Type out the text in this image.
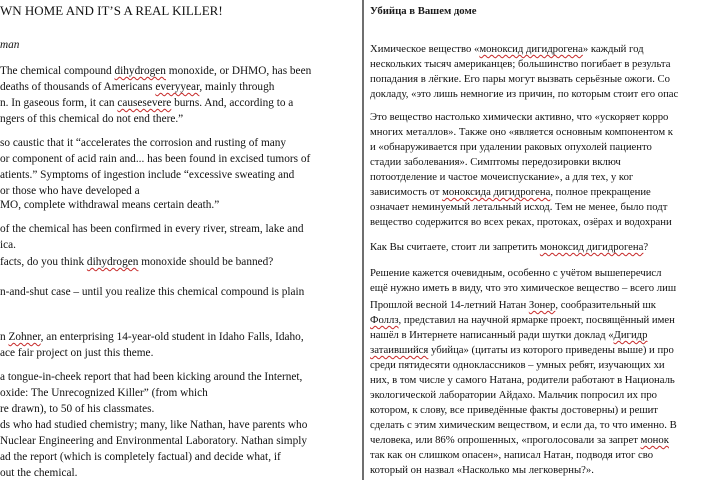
WN HOME AND IT’S A REAL KILLER!
man
The chemical compound dihydrogen monoxide, or DHMO, has been
deaths of thousands of Americans everyyear, mainly through
n. In gaseous form, it can causesevere burns. And, according to a
ngers of this chemical do not end there.”
so caustic that it “accelerates the corrosion and rusting of many
or component of acid rain and... has been found in excised tumors of
atients.” Symptoms of ingestion include “excessive sweating and
or those who have developed a
MO, complete withdrawal means certain death.”
of the chemical has been confirmed in every river, stream, lake and
ica.
facts, do you think dihydrogen monoxide should be banned?
n-and-shut case – until you realize this chemical compound is plain
n Zohner, an enterprising 14-year-old student in Idaho Falls, Idaho,
ace fair project on just this theme.
a tongue-in-cheek report that had been kicking around the Internet,
oxide: The Unrecognized Killer” (from which
re drawn), to 50 of his classmates.
ds who had studied chemistry; many, like Nathan, have parents who
Nuclear Engineering and Environmental Laboratory. Nathan simply
ad the report (which is completely factual) and decide what, if
out the chemical.
Убийца в Вашем доме
Химическое вещество «моноксид дигидрогена» каждый год
нескольких тысяч американцев; большинство погибает в результа
попадания в лёгкие. Его пары могут вызвать серьёзные ожоги. Со
докладу, «это лишь немногие из причин, по которым стоит его опас
Это вещество настолько химически активно, что «ускоряет корро
многих металлов». Также оно «является основным компонентом к
и «обнаруживается при удалении раковых опухолей пациенто
стадии заболевания». Симптомы передозировки включ
потоотделение и частое мочеиспускание», а для тех, у ког
зависимость от моноксида дигидрогена, полное прекращение
означает неминуемый летальный исход. Тем не менее, было подт
вещество содержится во всех реках, протоках, озёрах и водохрани
Как Вы считаете, стоит ли запретить моноксид дигидрогена?
Решение кажется очевидным, особенно с учётом вышеперечисл
ещё нужно иметь в виду, что это химическое вещество – всего лиш
Прошлой весной 14-летний Натан Зонер, сообразительный шк
Фоллз, представил на научной ярмарке проект, посвящённый имен
нашёл в Интернете написанный ради шутки доклад «Дигидр
затаившийся убийца» (цитаты из которого приведены выше) и про
среди пятидесяти одноклассников – умных ребят, изучающих хи
них, в том числе у самого Натана, родители работают в Националь
экологической лаборатории Айдахо. Мальчик попросил их про
котором, к слову, все приведённые факты достоверны) и решит
сделать с этим химическим веществом, и если да, то что именно. В
человека, или 86% опрошенных, «проголосовали за запрет монок
так как он слишком опасен», написал Натан, подводя итог сво
который он назвал «Насколько мы легковерны?».
